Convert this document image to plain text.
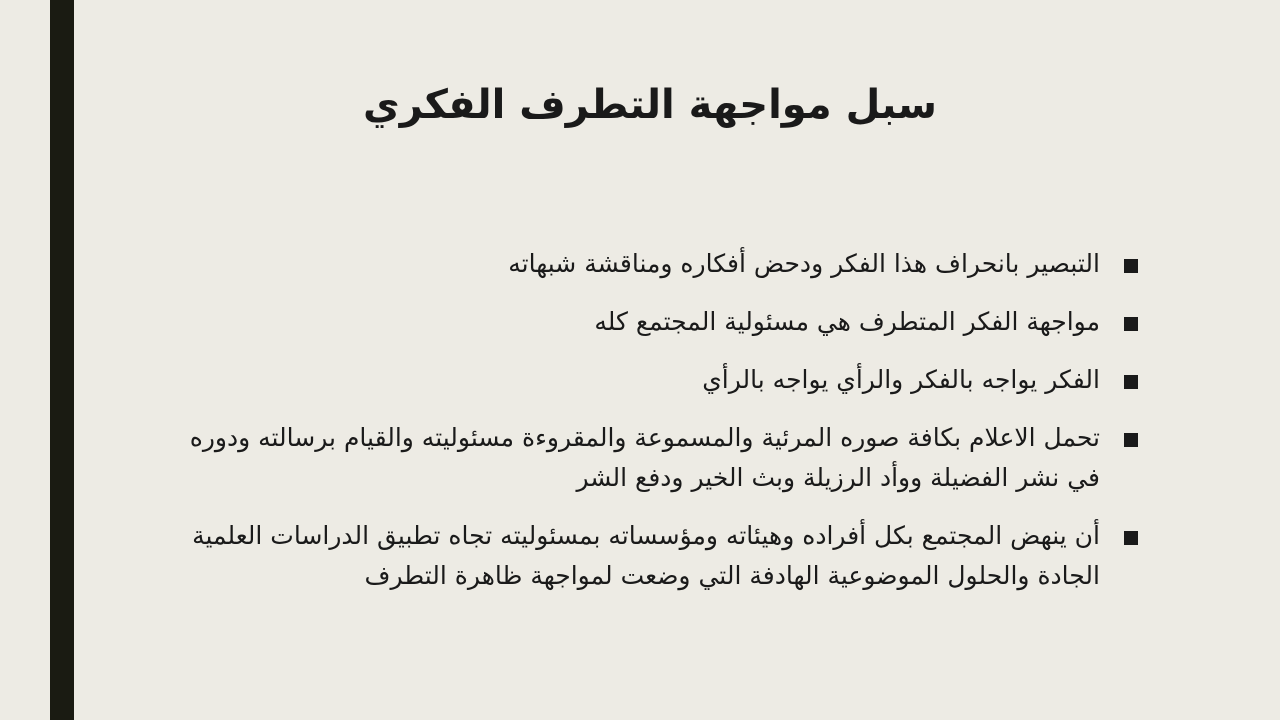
سبل مواجهة التطرف الفكري
التبصير بانحراف هذا الفكر ودحض أفكاره ومناقشة شبهاته
مواجهة الفكر المتطرف هي مسئولية المجتمع كله
الفكر يواجه بالفكر والرأي يواجه بالرأي
تحمل الاعلام بكافة صوره المرئية والمسموعة والمقروءة مسئوليته والقيام برسالته ودوره في نشر الفضيلة ووأد الرزيلة وبث الخير ودفع الشر
أن ينهض المجتمع بكل أفراده وهيئاته ومؤسساته بمسئوليته تجاه تطبيق الدراسات العلمية الجادة والحلول الموضوعية الهادفة التي وضعت لمواجهة ظاهرة التطرف
